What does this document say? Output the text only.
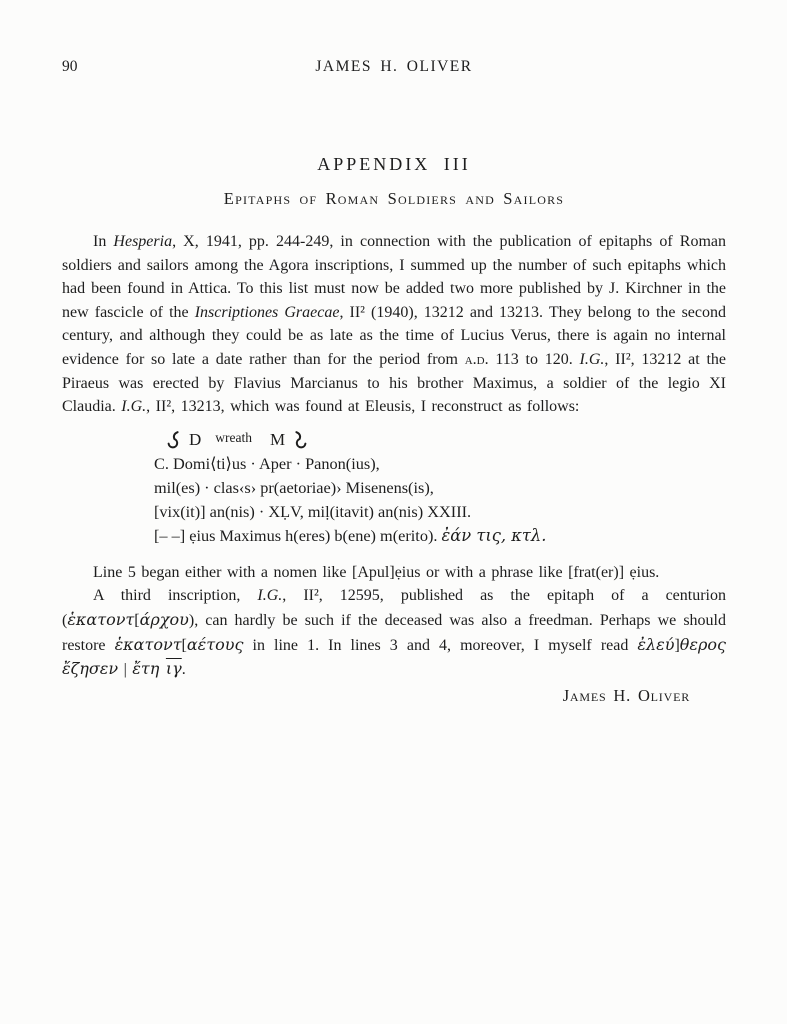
90	JAMES H. OLIVER
APPENDIX III
Epitaphs of Roman Soldiers and Sailors

In Hesperia, X, 1941, pp. 244-249, in connection with the publication of epitaphs of Roman soldiers and sailors among the Agora inscriptions, I summed up the number of such epitaphs which had been found in Attica. To this list must now be added two more published by J. Kirchner in the new fascicle of the Inscriptiones Graecae, II² (1940), 13212 and 13213. They belong to the second century, and although they could be as late as the time of Lucius Verus, there is again no internal evidence for so late a date rather than for the period from a.d. 113 to 120. I.G., II², 13212 at the Piraeus was erected by Flavius Marcianus to his brother Maximus, a soldier of the legio XI Claudia. I.G., II², 13213, which was found at Eleusis, I reconstruct as follows:

D wreath M
C. Domi⟨ti⟩us · Aper · Panon(ius),
mil(es) · clas‹s› pr(aetoriae)› Misenens(is),
[vix(it)] an(nis) · XḶV, miḷ(itavit) an(nis) XXIII.
[– –] ẹius Maximus h(eres) b(ene) m(erito). ἐάν τις, κτλ.

Line 5 began either with a nomen like [Apul]ẹius or with a phrase like [frat(er)] ẹius.

A third inscription, I.G., II², 12595, published as the epitaph of a centurion (ἑκατοντ[άρχου), can hardly be such if the deceased was also a freedman. Perhaps we should restore ἑκατοντ[αέτους in line 1. In lines 3 and 4, moreover, I myself read ἐλεύ]θερος ἔζησεν | ἔτη $\overline{\iota\gamma}$.

James H. Oliver
